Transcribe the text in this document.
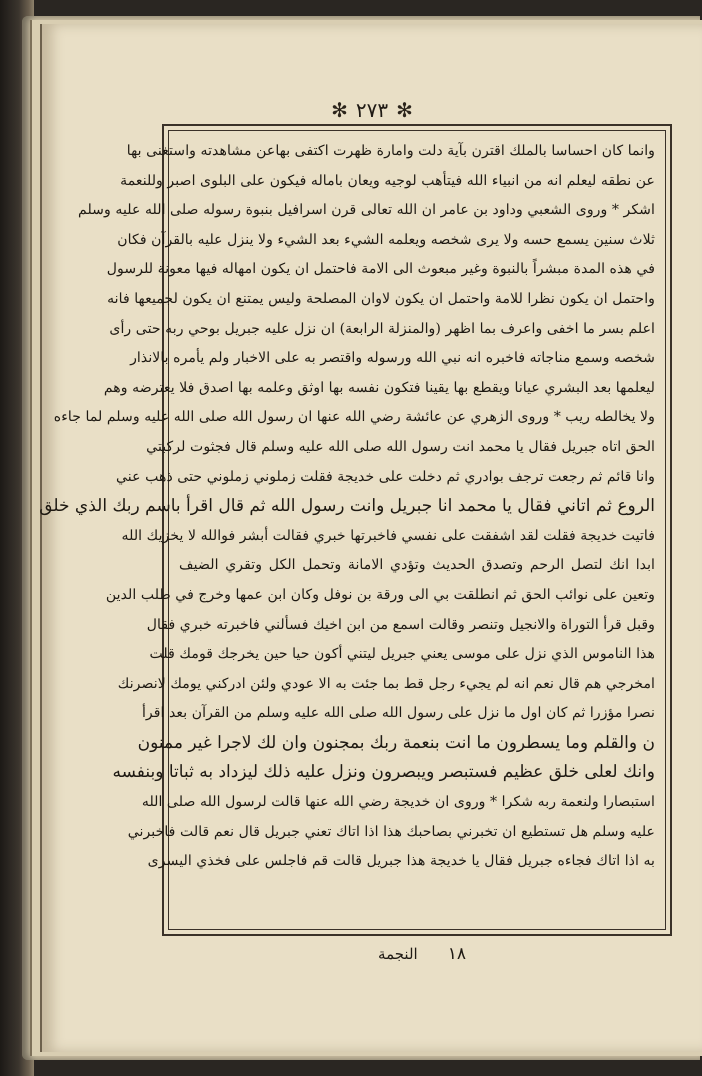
✻ ٢٧٣ ✻
وانما كان احساسا بالملك اقترن بآية دلت وامارة ظهرت اكتفى بهاعن مشاهدته واستغنى بها
عن نطقه ليعلم انه من انبياء الله فيتأهب لوجيه ويعان باماله فيكون على البلوى اصبر وللنعمة
اشكر * وروى الشعبي وداود بن عامر ان الله تعالى قرن اسرافيل بنبوة رسوله صلى الله عليه وسلم
ثلاث سنين يسمع حسه ولا يرى شخصه ويعلمه الشيء بعد الشيء ولا ينزل عليه بالقرآن فكان
في هذه المدة مبشراً بالنبوة وغير مبعوث الى الامة فاحتمل ان يكون امهاله فيها معونة للرسول
واحتمل ان يكون نظرا للامة واحتمل ان يكون لاوان المصلحة وليس يمتنع ان يكون لجميعها فانه
اعلم بسر ما اخفى واعرف بما اظهر (والمنزلة الرابعة) ان نزل عليه جبريل بوحي ربه حتى رأى
شخصه وسمع مناجاته فاخبره انه نبي الله ورسوله واقتصر به على الاخبار ولم يأمره بالانذار
ليعلمها بعد البشري عيانا ويقطع بها يقينا فتكون نفسه بها اوثق وعلمه بها اصدق فلا يعترضه وهم
ولا يخالطه ريب * وروى الزهري عن عائشة رضي الله عنها ان رسول الله صلى الله عليه وسلم لما جاءه
الحق اتاه جبريل فقال يا محمد انت رسول الله صلى الله عليه وسلم قال فجثوت لركبتي
وانا قائم ثم رجعت ترجف بوادري ثم دخلت على خديجة فقلت زملوني زملوني حتى ذهب عني
الروع ثم اتاني فقال يا محمد انا جبريل وانت رسول الله ثم قال اقرأ باسم ربك الذي خلق
فاتيت خديجة فقلت لقد اشفقت على نفسي فاخبرتها خبري فقالت أبشر فوالله لا يخزيك الله
ابدا انك لتصل الرحم وتصدق الحديث وتؤدي الامانة وتحمل الكل وتقري الضيف
وتعين على نوائب الحق ثم انطلقت بي الى ورقة بن نوفل وكان ابن عمها وخرج في طلب الدين
وقبل قرأ التوراة والانجيل وتنصر وقالت اسمع من ابن اخيك فسألني فاخبرته خبري فقال
هذا الناموس الذي نزل على موسى يعني جبريل ليتني أكون حيا حين يخرجك قومك قلت
امخرجي هم قال نعم انه لم يجيء رجل قط بما جئت به الا عودي ولئن ادركني يومك لانصرنك
نصرا مؤزرا ثم كان اول ما نزل على رسول الله صلى الله عليه وسلم من القرآن بعد اقرأ
ن والقلم وما يسطرون ما انت بنعمة ربك بمجنون وان لك لاجرا غير ممنون
وانك لعلى خلق عظيم فستبصر ويبصرون ونزل عليه ذلك ليزداد به ثباتا وبنفسه
استبصارا ولنعمة ربه شكرا * وروى ان خديجة رضي الله عنها قالت لرسول الله صلى الله
عليه وسلم هل تستطيع ان تخبرني بصاحبك هذا اذا اتاك تعني جبريل قال نعم قالت فاخبرني
به اذا اتاك فجاءه جبريل فقال يا خديجة هذا جبريل قالت قم فاجلس على فخذي اليسرى
النجمة ١٨
